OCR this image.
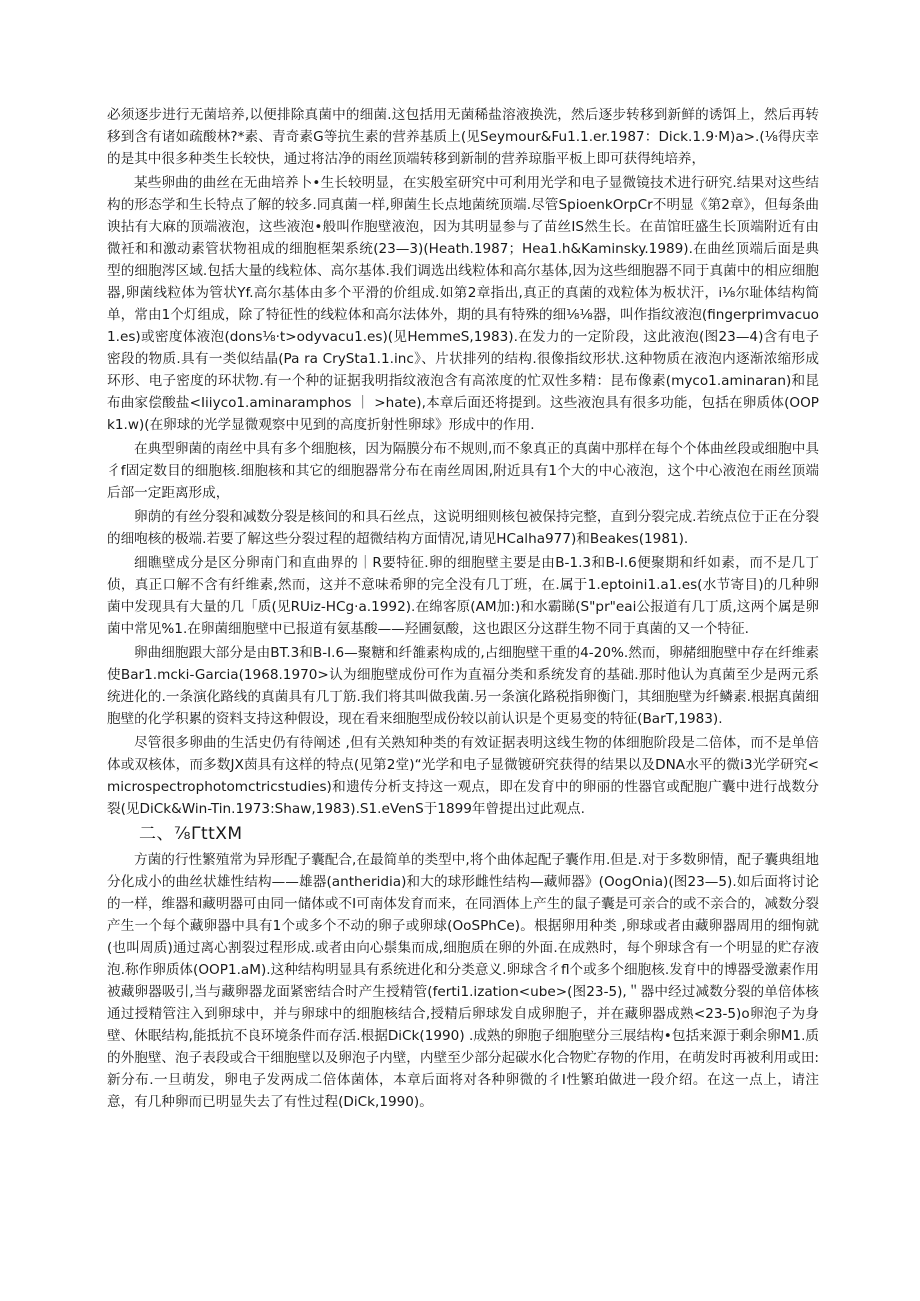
必须逐步进行无菌培养,以便排除真菌中的细菌.这包括用无菌稀盐溶液换洗，然后逐步转移到新鲜的诱饵上，然后再转移到含有诸如疏酸林?*素、青奇素G等抗生素的营养基质上(见Seymour&Fu1.1.er.1987：Dick.1.9·M)a>.(⅛得庆幸的是其中很多种类生长较快，通过将沽净的雨丝顶端转移到新制的营养琼脂平板上即可获得纯培养，

某些卵曲的曲丝在无曲培养卜•生长较明显，在实般室研究中可利用光学和电子显微镜技术进行研究.结果对这些结构的形态学和生长特点了解的较多.同真菌一样,卵菌生长点地菌统顶端.尽管SpioenkOrpCr不明显《第2章》，但每条曲谀拈有大麻的顶端液泡，这些液泡•般叫作胞壁液泡，因为其明显参与了苗丝IS然生长。在苗馆旺盛生长顶端附近有由微衽和和激动素管状物祖成的细胞框架系统(23—3)(Heath.1987；Hea1.h&Kaminsky.1989).在曲丝顶端后面是典型的细胞涔区域.包括大量的线粒体、高尔基体.我们调选出线粒体和高尔基体,因为这些细胞器不同于真菌中的相应细胞器,卵菌线粒体为管状Yf.高尔基体由多个平滑的价组成.如第2章指出,真正的真菌的戏粒体为板状汗，i⅛尔耻体结构简单，常由1个灯组成，除了特征性的线粒体和高尔法体外，期的具有特殊的细⅛⅛器，叫作指纹液泡(fingerprimvacuo1.es)或密度体液泡(dons⅛·t>odyvacu1.es)(见HemmeS,1983).在发力的一定阶段，这此液泡(图23—4)含有电子密段的物质.具有一类似结晶(Pa ra CrySta1.1.inc》、片状排列的结构.很像指纹形状.这种物质在液泡内逐渐浓缩形成环形、电子密度的环状物.有一个种的证据我明指纹液泡含有高浓度的忙双性多精：昆布像素(myco1.aminaran)和昆布曲家偿酸盐<Iiiyco1.aminaramphos ｜ >hate),本章后面还将提到。这些液泡具有很多功能，包括在卵质体(OOPk1.w)(在卵球的光学显微观察中见到的高度折射性卵球》形成中的作用.

在典型卵菌的南丝中具有多个细胞核，因为隔膜分布不规则,而不象真正的真菌中那样在每个个体曲丝段或细胞中具彳f固定数目的细胞核.细胞核和其它的细胞器常分布在南丝周困,附近具有1个大的中心液泡，这个中心液泡在雨丝顶端后部一定距离形成，

卵荫的有丝分裂和减数分裂是核间的和具石丝点，这说明细则核包被保持完整，直到分裂完成.若统点位于正在分裂的细咆核的极端.若要了解这些分裂过程的超微结构方面情况,请见HCalha977)和Beakes(1981).

细瞧壁成分是区分卵南门和直曲界的｜R要特征.卵的细胞壁主要是由B-1.3和B-I.6便聚期和纤如素，而不是几丁侦，真正口解不含有纤维素,然而，这并不意味希卵的完全没有几丁班，在.属于1.eptoini1.a1.es(水节寄目)的几种卵菌中发现具有大量的几「质(见RUiz-HCg·a.1992).在绵客原(AM加:)和水霸睇(S"pr"eai公报道有几丁质,这两个属是卵菌中常见%1.在卵菌细胞壁中已报道有氨基酸——羟圃氨酸，这也跟区分这群生物不同于真菌的又一个特征.

卵曲细胞跟大部分是由BT.3和B-I.6—聚糖和纤雒素构成的,占细胞壁干重的4-20%.然而，卵赭细胞壁中存在纤维素使Bar1.mcki-Garcia(1968.1970>认为细胞壁成份可作为直福分类和系统发育的基础.那时他认为真菌至少是两元系统进化的.一条演化路线的真菌具有几丁筋.我们将其叫做我菌.另一条演化路税指卵衡门，其细胞壁为纤鳞素.根据真菌细胞壁的化学积累的资料支持这种假设，现在看来细胞型成份较以前认识是个更易变的特征(BarT,1983).

尽管很多卵曲的生活史仍有待阐述 ,但有关熟知种类的有效证据表明这线生物的体细胞阶段是二倍体，而不是单倍体或双核体，而多数JX茵具有这样的特点(见第2堂)“光学和电子显微镀研究获得的结果以及DNA水平的微i3光学研究<microspectrophotomctricstudies)和遗传分析支持这一观点，即在发育中的卵丽的性器官或配胞广囊中进行战数分裂(见DiCk&Win-Tin.1973:Shaw,1983).S1.eVenS于1899年曾提出过此观点.

二、⅞ΓttXM

方菌的行性繁殖常为异形配子囊配合,在最简单的类型中,将个曲体起配子囊作用.但是.对于多数卵情，配子囊典组地分化成小的曲丝状雄性结构——雄器(antheridia)和大的球形雌性结构—藏师器》(OogOnia)(图23—5).如后面将讨论的一样，维器和藏明器可由同一储体或不I可南体发育而来，在同酒体上产生的鼠子囊是可亲合的或不亲合的，减数分裂产生一个每个藏卵器中具有1个或多个不动的卵子或卵球(OoSPhCe)。根据卵用种类 ,卵球或者由藏卵器周用的细恂就(也叫周质)通过离心割裂过程形成.或者由向心鬃集而成,细胞质在卵的外面.在成熟时，每个卵球含有一个明显的贮存液泡.称作卵质体(OOP1.aM).这种结构明显具有系统进化和分类意义.卵球含彳fl个或多个细胞核.发育中的博器受激素作用被藏卵器吸引,当与藏卵器龙面紧密结合时产生授精管(ferti1.ization<ube>(图23-5),＂器中经过减数分裂的单倍体核通过授精管注入到卵球中，并与卵球中的细胞核结合,授精后卵球发自成卵胞子，并在藏卵器成熟<23-5)o卵泡子为身壁、休眠结构,能抵抗不良环境条件而存活.根据DiCk(1990) .成熟的卵胞子细胞壁分三展结构•包括来源于剩余卵M1.质的外胞壁、泡子表段或合干细胞壁以及卵泡子内壁，内壁至少部分起碳水化合物贮存物的作用，在萌发时再被利用或田:新分布.一旦萌发，卵电子发两成二倍体菌体，本章后面将对各种卵微的彳I性繁珀做进一段介绍。在这一点上，请注意，有几种卵而已明显失去了有性过程(DiCk,1990)。
